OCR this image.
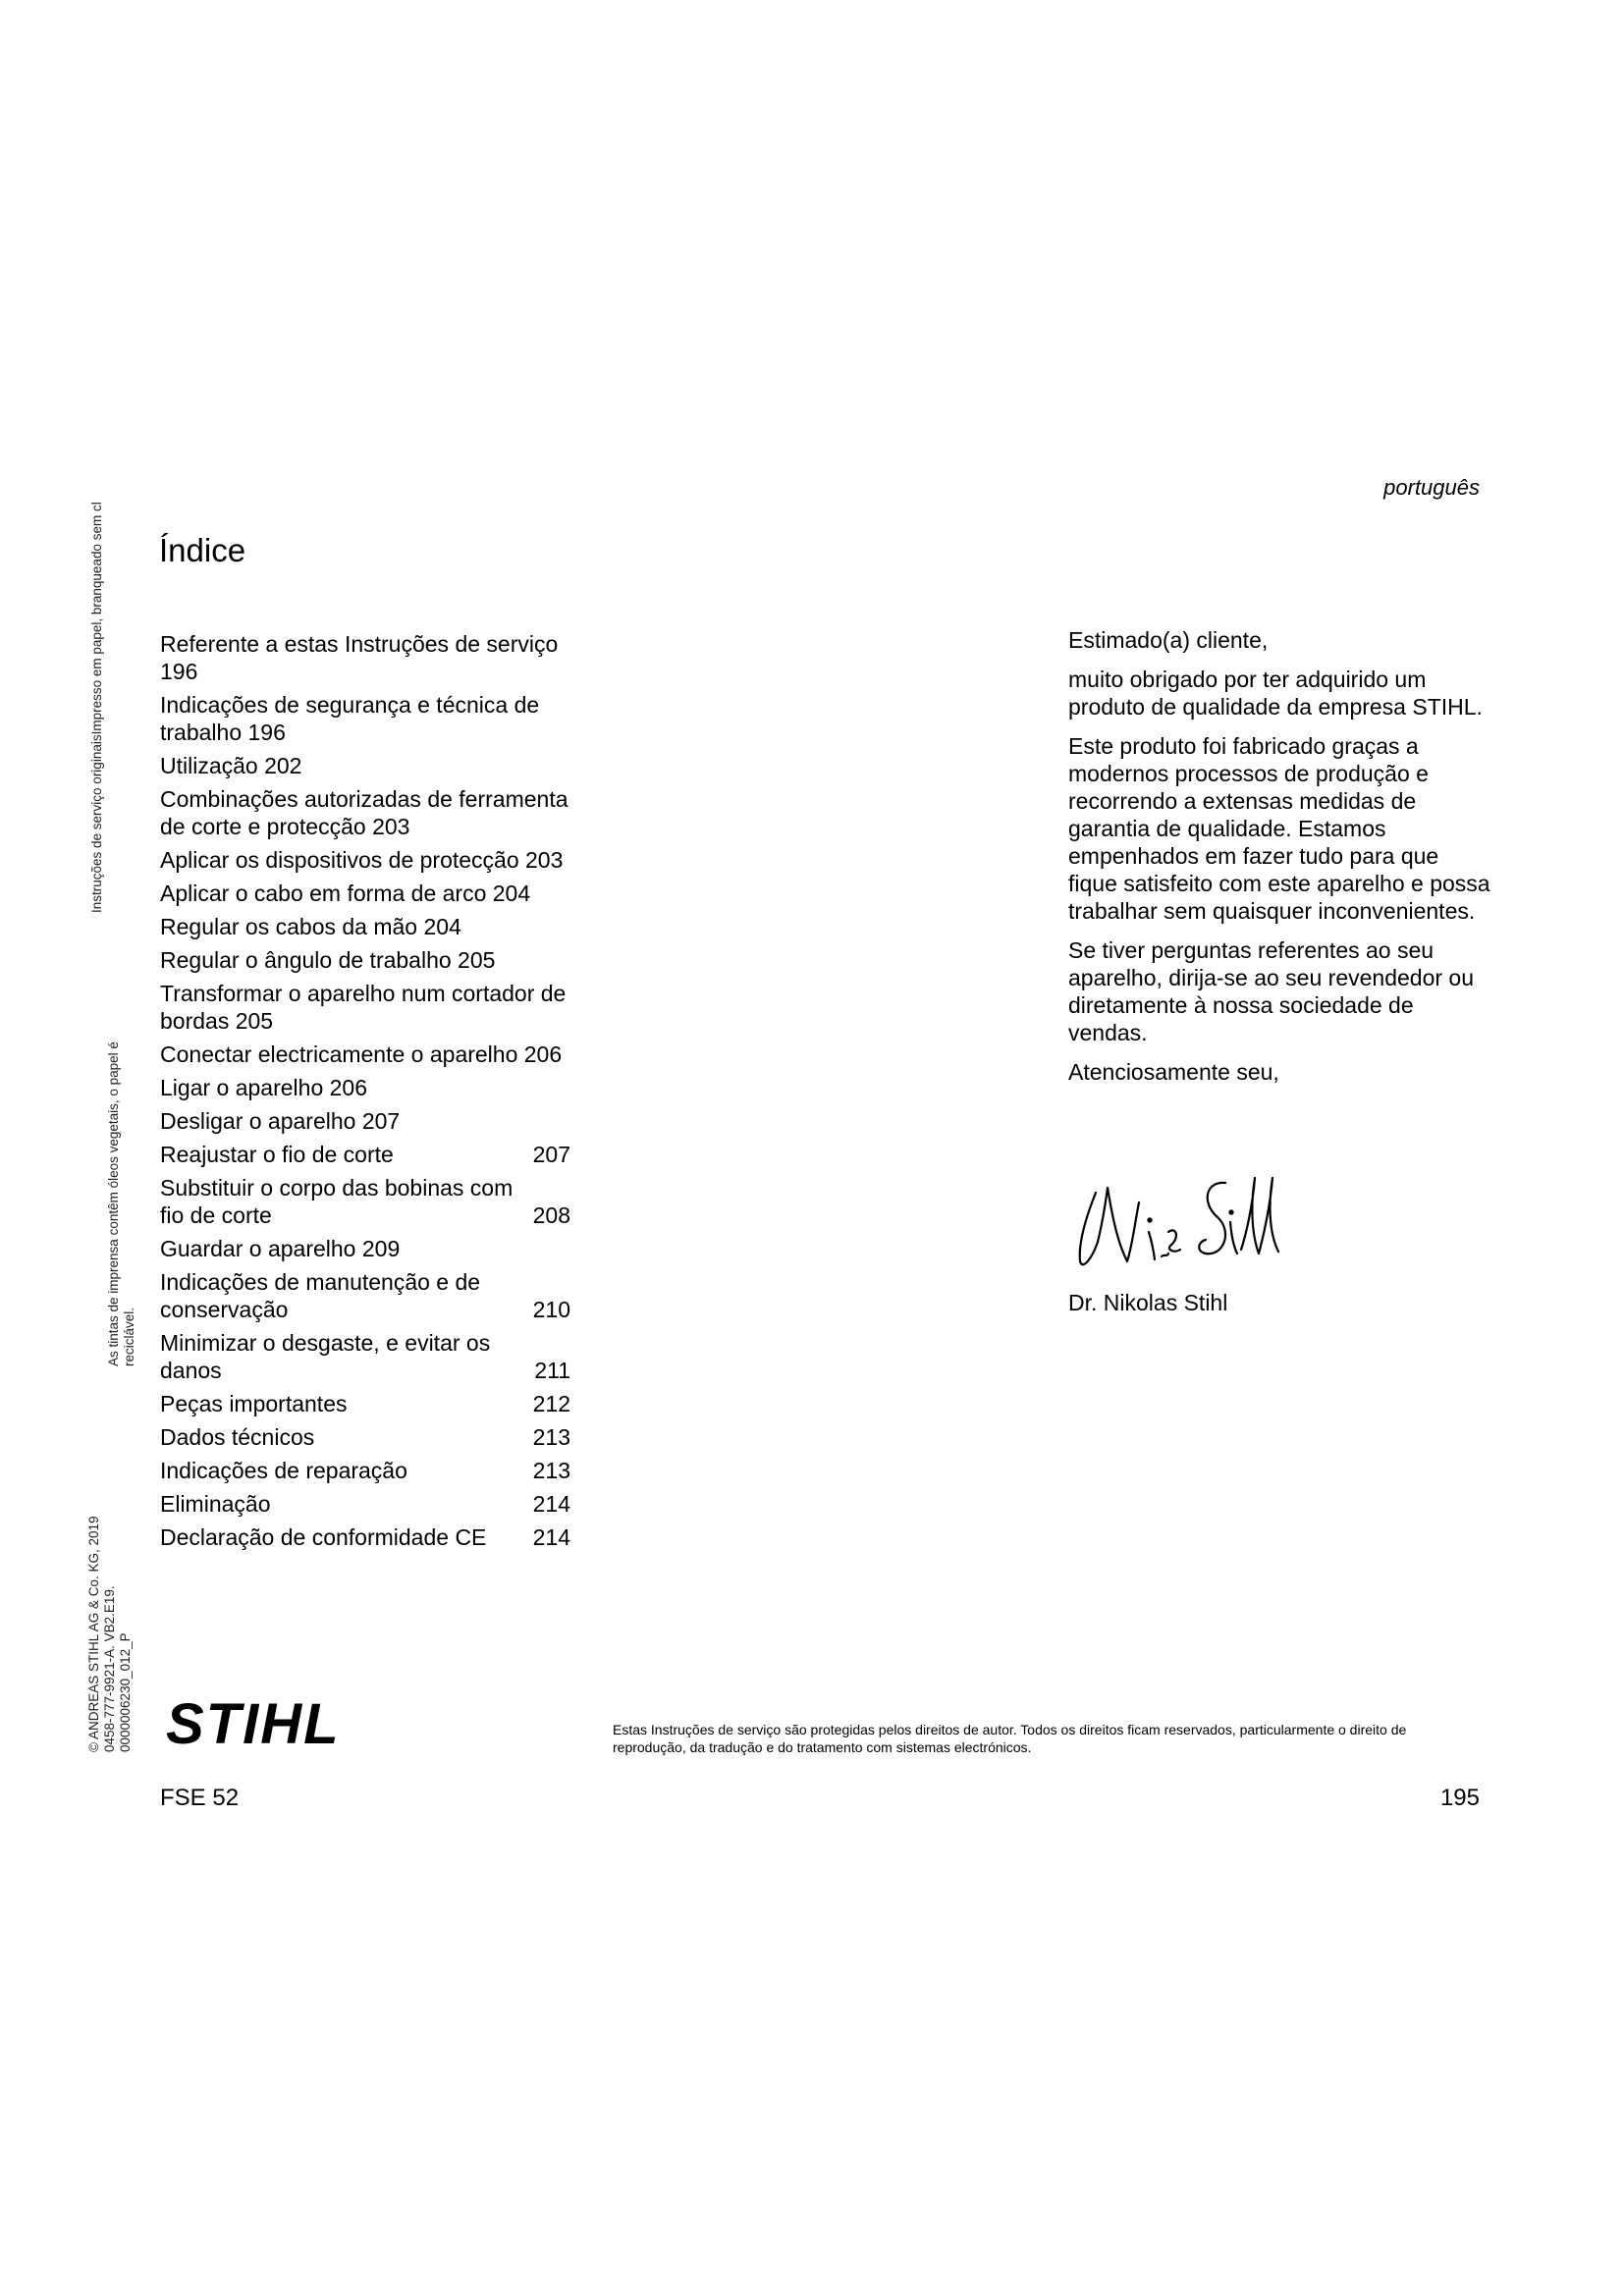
Instruções de serviço originaisImpresso em papel, branqueado sem cl
As tintas de imprensa contêm óleos vegetais, o papel é reciclável.
© ANDREAS STIHL AG & Co. KG, 2019 0458-777-9921-A. VB2.E19. 0000006230_012_P
português
Índice
Referente a estas Instruções de serviço 196
Indicações de segurança e técnica de trabalho 196
Utilização 202
Combinações autorizadas de ferramenta de corte e protecção 203
Aplicar os dispositivos de protecção 203
Aplicar o cabo em forma de arco 204
Regular os cabos da mão 204
Regular o ângulo de trabalho 205
Transformar o aparelho num cortador de bordas 205
Conectar electricamente o aparelho 206
Ligar o aparelho 206
Desligar o aparelho 207
Reajustar o fio de corte	207
Substituir o corpo das bobinas com fio de corte	208
Guardar o aparelho 209
Indicações de manutenção e de conservação	210
Minimizar o desgaste, e evitar os danos	211
Peças importantes	212
Dados técnicos	213
Indicações de reparação	213
Eliminação	214
Declaração de conformidade CE	214

Estimado(a) cliente,

muito obrigado por ter adquirido um produto de qualidade da empresa STIHL.

Este produto foi fabricado graças a modernos processos de produção e recorrendo a extensas medidas de garantia de qualidade. Estamos empenhados em fazer tudo para que fique satisfeito com este aparelho e possa trabalhar sem quaisquer inconvenientes.

Se tiver perguntas referentes ao seu aparelho, dirija-se ao seu revendedor ou diretamente à nossa sociedade de vendas.

Atenciosamente seu,

Dr. Nikolas Stihl
STIHL	Estas Instruções de serviço são protegidas pelos direitos de autor. Todos os direitos ficam reservados, particularmente o direito de reprodução, da tradução e do tratamento com sistemas electrónicos.
FSE 52	195
